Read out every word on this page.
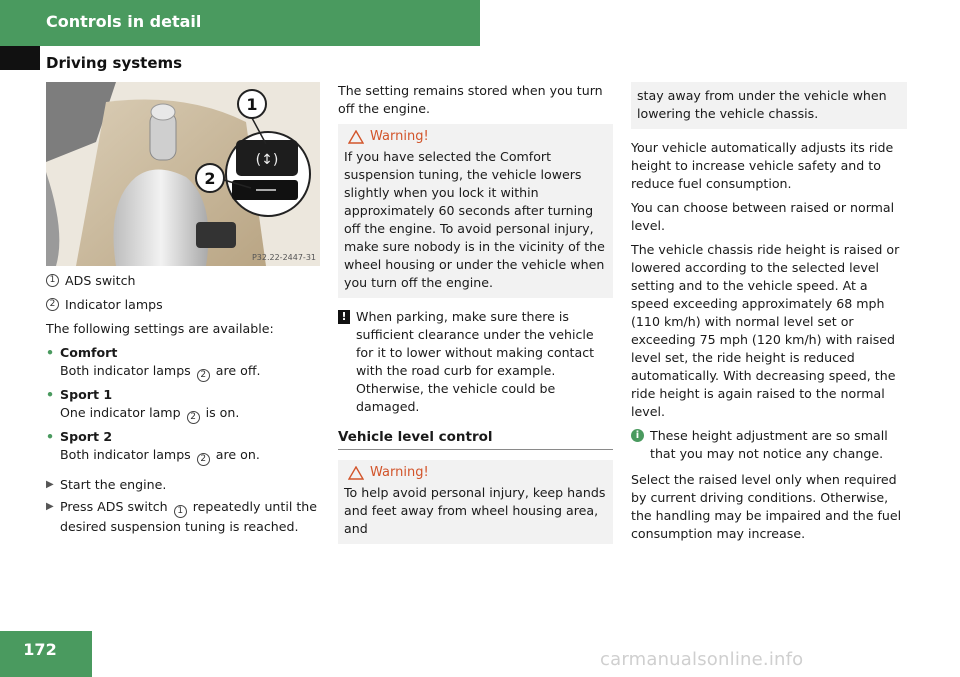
Controls in detail
Driving systems
(↕)
1
2
P32.22-2447-31
1 ADS switch
2 Indicator lamps

The following settings are available:

• Comfort
Both indicator lamps 2 are off.
• Sport 1
One indicator lamp 2 is on.
• Sport 2
Both indicator lamps 2 are on.
▶ Start the engine.
▶ Press ADS switch 1 repeatedly until the desired suspension tuning is reached.

The setting remains stored when you turn off the engine.

Warning!
If you have selected the Comfort suspension tuning, the vehicle lowers slightly when you lock it within approximately 60 seconds after turning off the engine. To avoid personal injury, make sure nobody is in the vicinity of the wheel housing or under the vehicle when you turn off the engine.
! When parking, make sure there is sufficient clearance under the vehicle for it to lower without making contact with the road curb for example. Otherwise, the vehicle could be damaged.
Vehicle level control
Warning!
To help avoid personal injury, keep hands and feet away from wheel housing area, and
stay away from under the vehicle when lowering the vehicle chassis.

Your vehicle automatically adjusts its ride height to increase vehicle safety and to reduce fuel consumption.

You can choose between raised or normal level.

The vehicle chassis ride height is raised or lowered according to the selected level setting and to the vehicle speed. At a speed exceeding approximately 68 mph (110 km/h) with normal level set or exceeding 75 mph (120 km/h) with raised level set, the ride height is reduced automatically. With decreasing speed, the ride height is again raised to the normal level.

i These height adjustment are so small that you may not notice any change.

Select the raised level only when required by current driving conditions. Otherwise, the handling may be impaired and the fuel consumption may increase.

172	carmanualsonline.info
